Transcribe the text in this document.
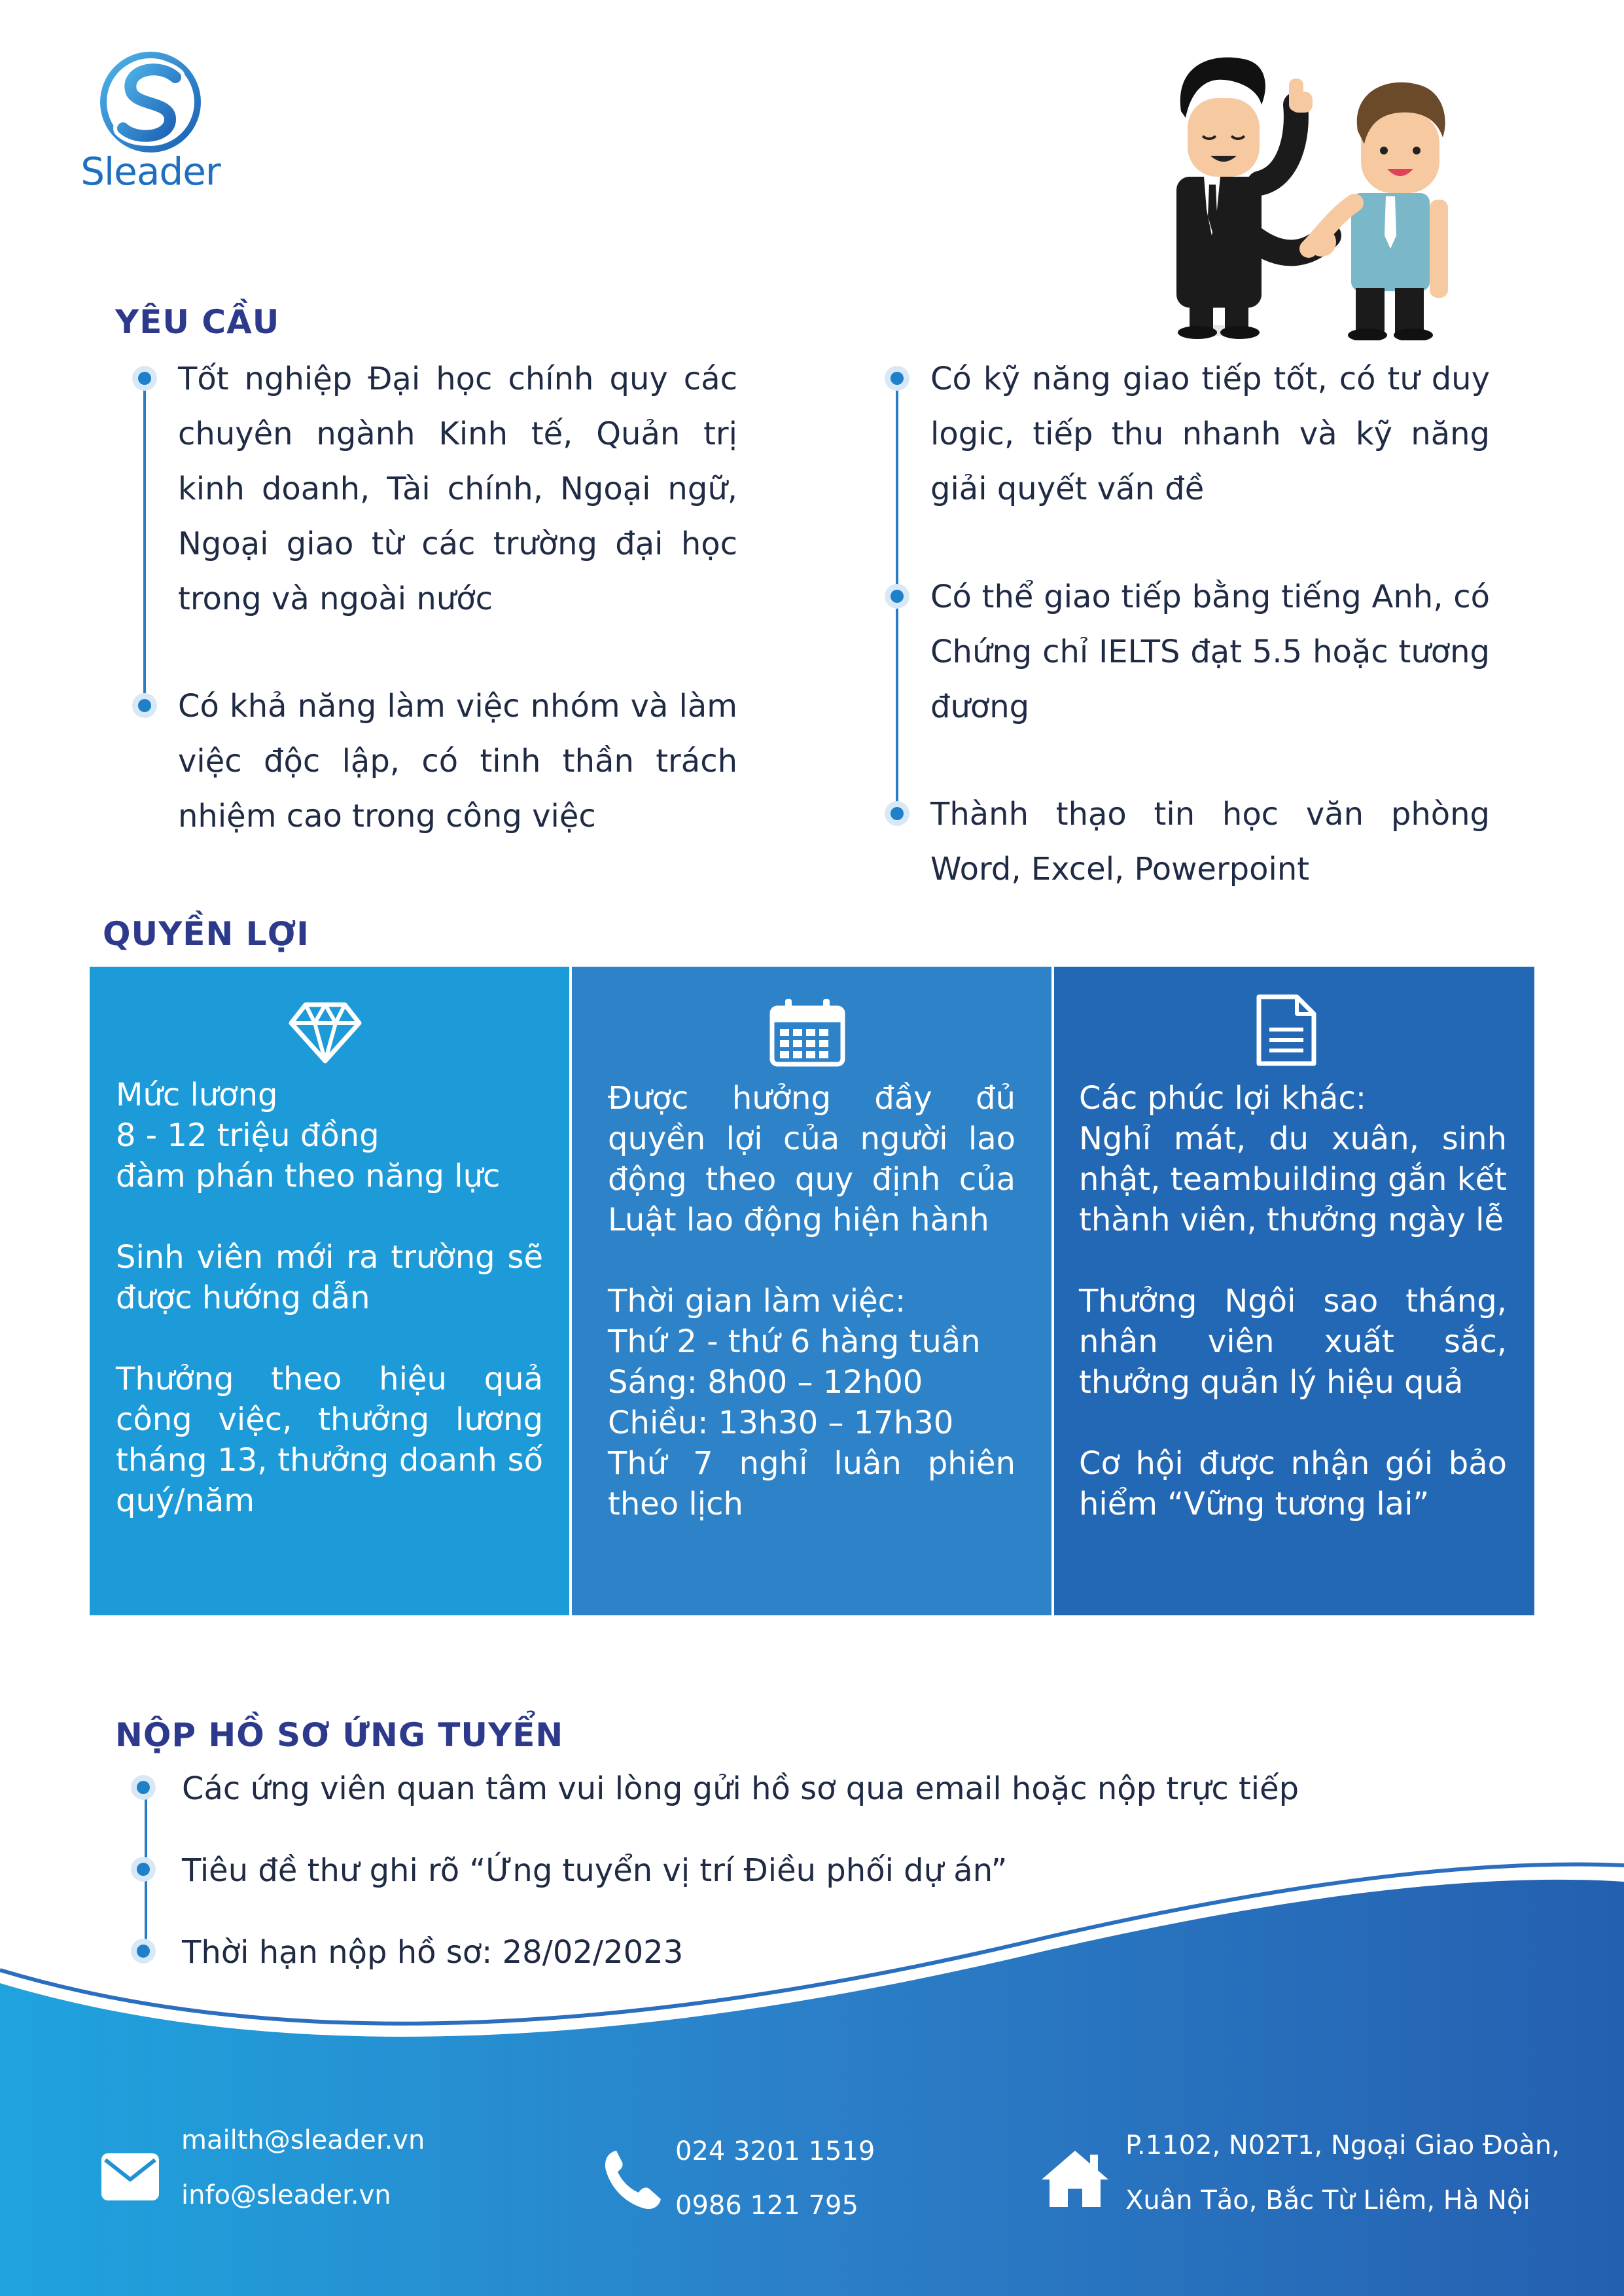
Sleader
YÊU CẦU
Tốt nghiệp Đại học chính quy các chuyên ngành Kinh tế, Quản trị kinh doanh, Tài chính, Ngoại ngữ, Ngoại giao từ các trường đại học trong và ngoài nước
Có khả năng làm việc nhóm và làm việc độc lập, có tinh thần trách nhiệm cao trong công việc
Có kỹ năng giao tiếp tốt, có tư duy logic, tiếp thu nhanh và kỹ năng giải quyết vấn đề
Có thể giao tiếp bằng tiếng Anh, có Chứng chỉ IELTS đạt 5.5 hoặc tương đương
Thành thạo tin học văn phòng Word, Excel, Powerpoint
QUYỀN LỢI

Mức lương

8 - 12 triệu đồng

đàm phán theo năng lực

Sinh viên mới ra trường sẽ được hướng dẫn

Thưởng theo hiệu quả công việc, thưởng lương tháng 13, thưởng doanh số quý/năm

Được hưởng đầy đủ quyền lợi của người lao động theo quy định của Luật lao động hiện hành

Thời gian làm việc:

Thứ 2 - thứ 6 hàng tuần

Sáng: 8h00 – 12h00

Chiều: 13h30 – 17h30

Thứ 7 nghỉ luân phiên theo lịch

Các phúc lợi khác:

Nghỉ mát, du xuân, sinh nhật, teambuilding gắn kết thành viên, thưởng ngày lễ

Thưởng Ngôi sao tháng, nhân viên xuất sắc, thưởng quản lý hiệu quả

Cơ hội được nhận gói bảo hiểm “Vững tương lai”

NỘP HỒ SƠ ỨNG TUYỂN
Các ứng viên quan tâm vui lòng gửi hồ sơ qua email hoặc nộp trực tiếp
Tiêu đề thư ghi rõ “Ứng tuyển vị trí Điều phối dự án”
Thời hạn nộp hồ sơ: 28/02/2023
mailth@sleader.vn
info@sleader.vn
024 3201 1519
0986 121 795
P.1102, N02T1, Ngoại Giao Đoàn,
Xuân Tảo, Bắc Từ Liêm, Hà Nội
